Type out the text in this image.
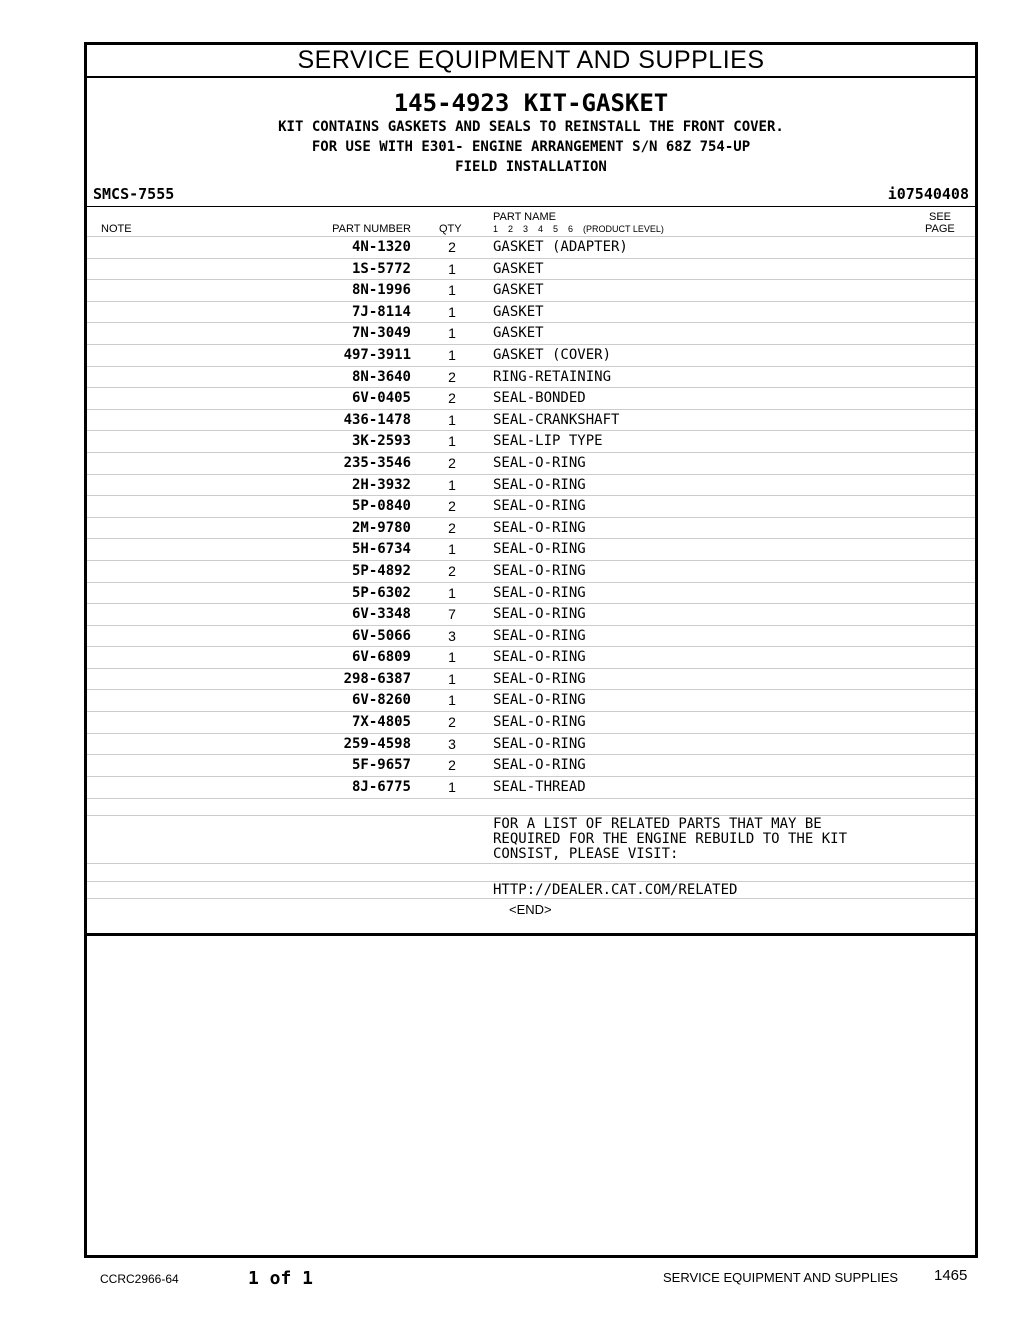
SERVICE EQUIPMENT AND SUPPLIES
145-4923 KIT-GASKET
KIT CONTAINS GASKETS AND SEALS TO REINSTALL THE FRONT COVER.
FOR USE WITH E301- ENGINE ARRANGEMENT S/N 68Z 754-UP
FIELD INSTALLATION
SMCS-7555	i07540408
NOTE	PART NUMBER	QTY
PART NAME
1    2    3    4    5    6    (PRODUCT LEVEL)
SEE
PAGE
4N-1320	2	GASKET (ADAPTER)
1S-5772	1	GASKET
8N-1996	1	GASKET
7J-8114	1	GASKET
7N-3049	1	GASKET
497-3911	1	GASKET (COVER)
8N-3640	2	RING-RETAINING
6V-0405	2	SEAL-BONDED
436-1478	1	SEAL-CRANKSHAFT
3K-2593	1	SEAL-LIP TYPE
235-3546	2	SEAL-O-RING
2H-3932	1	SEAL-O-RING
5P-0840	2	SEAL-O-RING
2M-9780	2	SEAL-O-RING
5H-6734	1	SEAL-O-RING
5P-4892	2	SEAL-O-RING
5P-6302	1	SEAL-O-RING
6V-3348	7	SEAL-O-RING
6V-5066	3	SEAL-O-RING
6V-6809	1	SEAL-O-RING
298-6387	1	SEAL-O-RING
6V-8260	1	SEAL-O-RING
7X-4805	2	SEAL-O-RING
259-4598	3	SEAL-O-RING
5F-9657	2	SEAL-O-RING
8J-6775	1	SEAL-THREAD
FOR A LIST OF RELATED PARTS THAT MAY BE
REQUIRED FOR THE ENGINE REBUILD TO THE KIT
CONSIST, PLEASE VISIT:
HTTP://DEALER.CAT.COM/RELATED
<END>
CCRC2966-64	1 of 1	SERVICE EQUIPMENT AND SUPPLIES 1465
